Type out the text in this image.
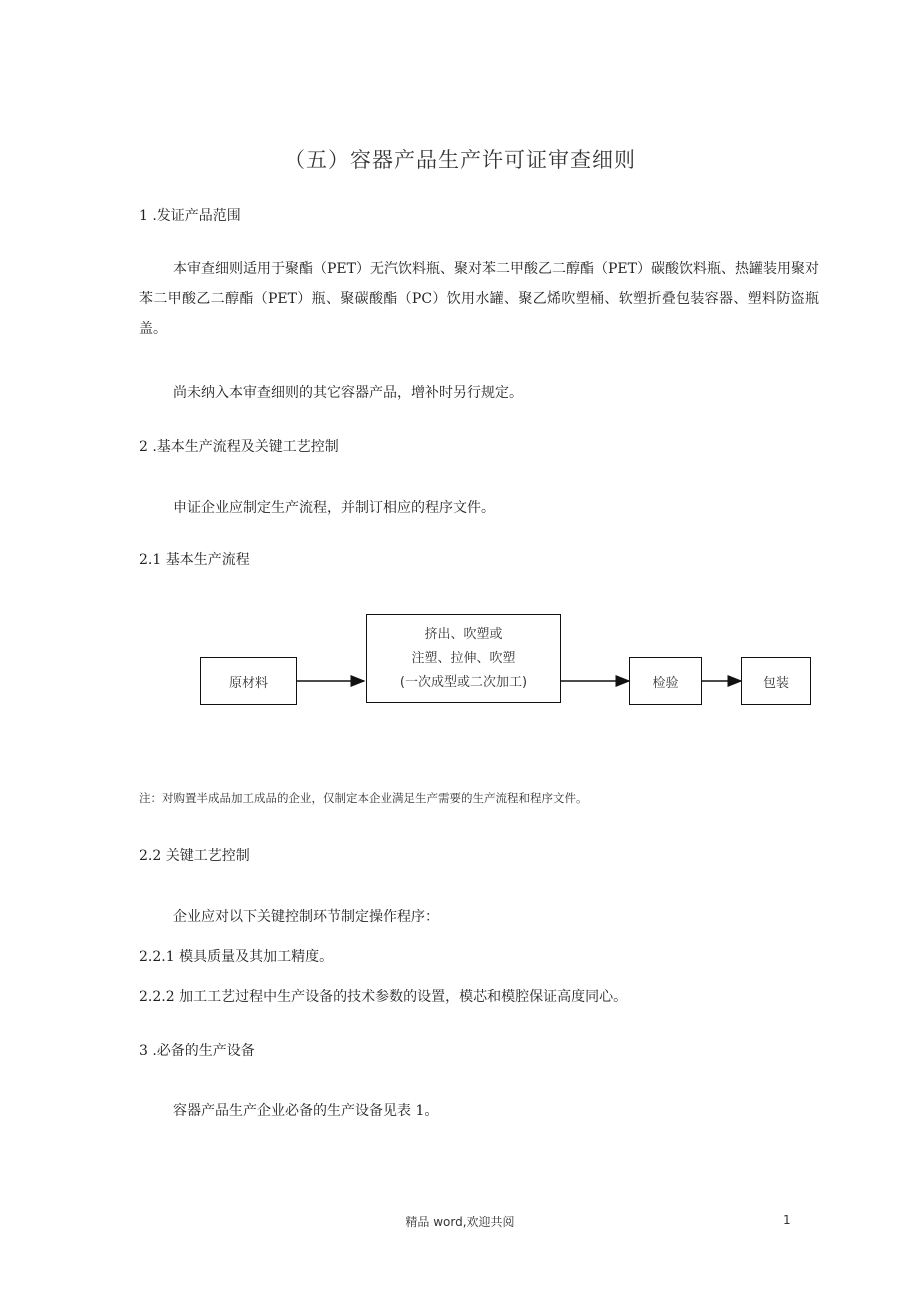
（五）容器产品生产许可证审查细则
1 .发证产品范围
本审查细则适用于聚酯（PET）无汽饮料瓶、聚对苯二甲酸乙二醇酯（PET）碳酸饮料瓶、热罐装用聚对苯二甲酸乙二醇酯（PET）瓶、聚碳酸酯（PC）饮用水罐、聚乙烯吹塑桶、软塑折叠包装容器、塑料防盗瓶盖。
尚未纳入本审查细则的其它容器产品，增补时另行规定。
2 .基本生产流程及关键工艺控制
申证企业应制定生产流程，并制订相应的程序文件。
2.1 基本生产流程
原材料
挤出、吹塑或
注塑、拉伸、吹塑
(一次成型或二次加工)	检验	包装
注：对购置半成品加工成品的企业，仅制定本企业满足生产需要的生产流程和程序文件。
2.2 关键工艺控制
企业应对以下关键控制环节制定操作程序：
2.2.1 模具质量及其加工精度。
2.2.2 加工工艺过程中生产设备的技术参数的设置，模芯和模腔保证高度同心。
3 .必备的生产设备
容器产品生产企业必备的生产设备见表 1。
精品 word,欢迎共阅	1
